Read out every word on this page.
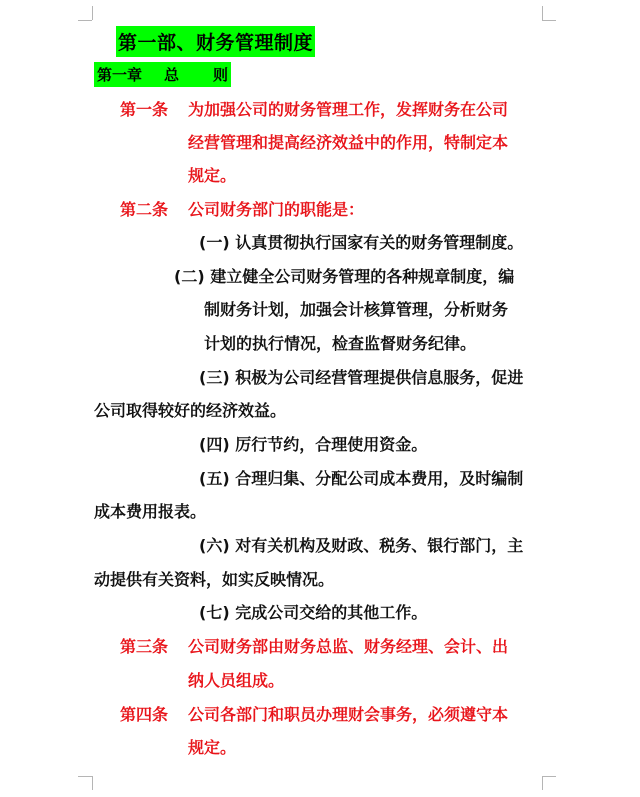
第一部、财务管理制度
第一章 总 则
第一条 为加强公司的财务管理工作，发挥财务在公司
经营管理和提高经济效益中的作用，特制定本
规定。
第二条 公司财务部门的职能是：
(一) 认真贯彻执行国家有关的财务管理制度。
(二) 建立健全公司财务管理的各种规章制度，编
制财务计划，加强会计核算管理，分析财务
计划的执行情况，检查监督财务纪律。
(三) 积极为公司经营管理提供信息服务，促进
公司取得较好的经济效益。
(四) 厉行节约，合理使用资金。
(五) 合理归集、分配公司成本费用，及时编制
成本费用报表。
(六) 对有关机构及财政、税务、银行部门，主
动提供有关资料，如实反映情况。
(七) 完成公司交给的其他工作。
第三条 公司财务部由财务总监、财务经理、会计、出
纳人员组成。
第四条 公司各部门和职员办理财会事务，必须遵守本
规定。
